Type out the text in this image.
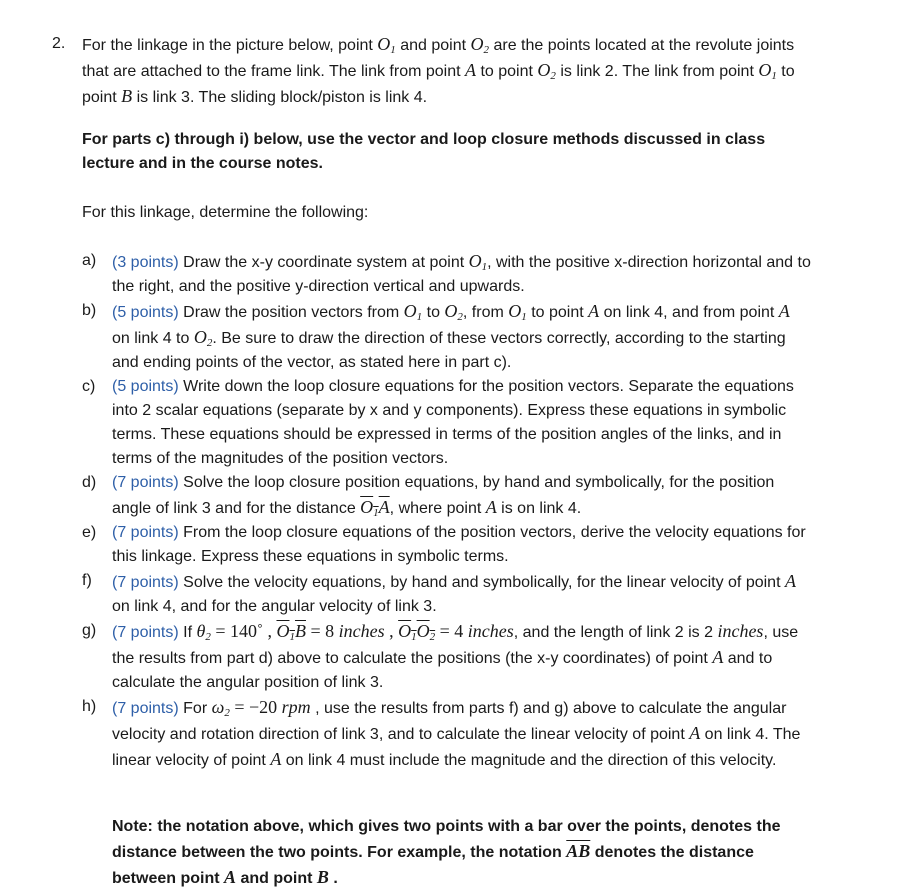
2. For the linkage in the picture below, point $O_1$ and point $O_2$ are the points located at the revolute joints that are attached to the frame link. The link from point A to point $O_2$ is link 2. The link from point $O_1$ to point B is link 3. The sliding block/piston is link 4.
For parts c) through i) below, use the vector and loop closure methods discussed in class lecture and in the course notes.
For this linkage, determine the following:
a) (3 points) Draw the x-y coordinate system at point $O_1$, with the positive x-direction horizontal and to the right, and the positive y-direction vertical and upwards.
b) (5 points) Draw the position vectors from $O_1$ to $O_2$, from $O_1$ to point A on link 4, and from point A on link 4 to $O_2$. Be sure to draw the direction of these vectors correctly, according to the starting and ending points of the vector, as stated here in part c).
c)	(5 points) Write down the loop closure equations for the position vectors. Separate the equations into 2 scalar equations (separate by x and y components). Express these equations in symbolic terms. These equations should be expressed in terms of the position angles of the links, and in terms of the magnitudes of the position vectors.
d) (7 points) Solve the loop closure position equations, by hand and symbolically, for the position angle of link 3 and for the distance $O_1A$, where point A is on link 4.
e) (7 points) From the loop closure equations of the position vectors, derive the velocity equations for this linkage. Express these equations in symbolic terms.
f)	(7 points) Solve the velocity equations, by hand and symbolically, for the linear velocity of point A on link 4, and for the angular velocity of link 3.
g) (7 points) If $\theta_2$ = 140˚ , $O_1B = 8$ inches , $O_1O_2 = 4$ inches, and the length of link 2 is 2 inches, use the results from part d) above to calculate the positions (the x-y coordinates) of point A and to calculate the angular position of link 3.
h) (7 points) For $\omega_2 = -20$ rpm , use the results from parts f) and g) above to calculate the angular velocity and rotation direction of link 3, and to calculate the linear velocity of point A on link 4. The linear velocity of point A on link 4 must include the magnitude and the direction of this velocity.
Note: the notation above, which gives two points with a bar over the points, denotes the distance between the two points. For example, the notation $\overline{AB}$ denotes the distance between point A and point B .
